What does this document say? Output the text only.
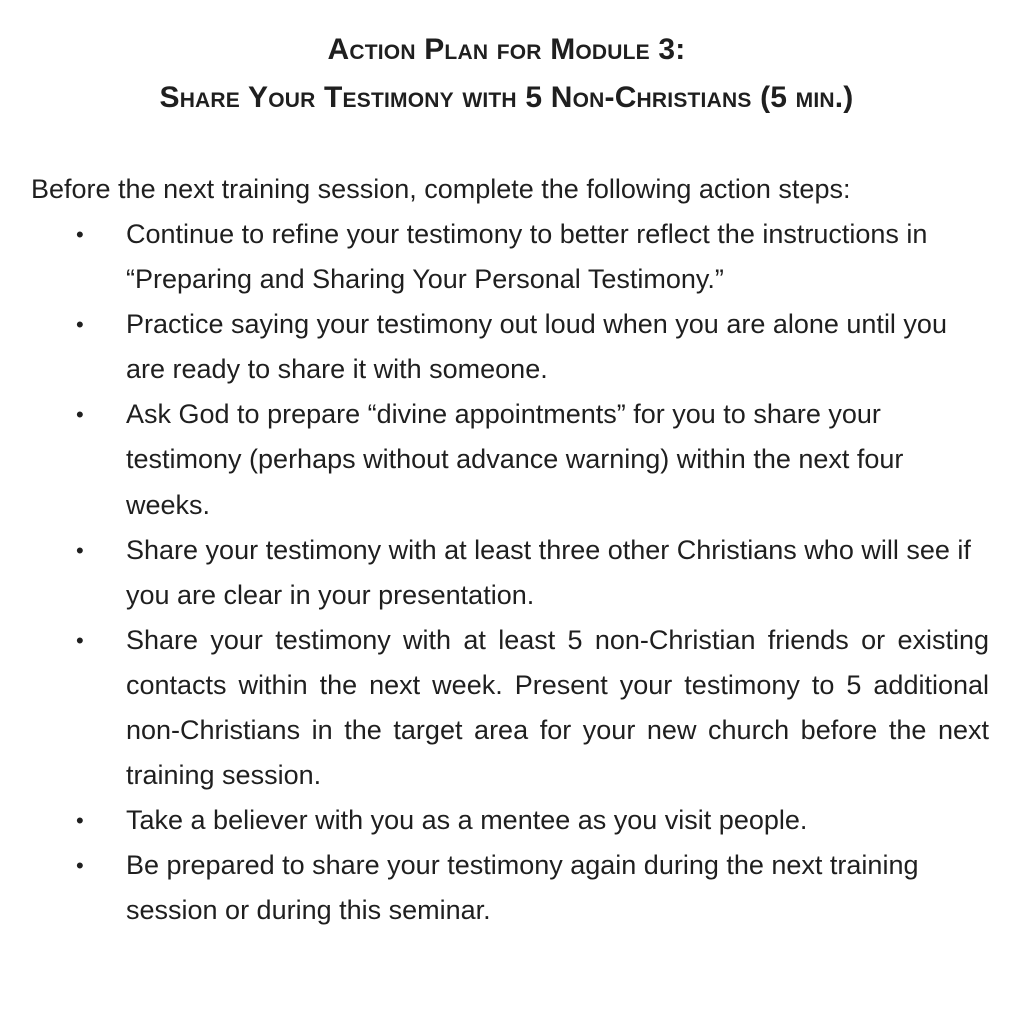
Action Plan for Module 3:
Share Your Testimony with 5 Non-Christians (5 min.)
Before the next training session, complete the following action steps:
• Continue to refine your testimony to better reflect the instructions in “Preparing and Sharing Your Personal Testimony.”
• Practice saying your testimony out loud when you are alone until you are ready to share it with someone.
• Ask God to prepare “divine appointments” for you to share your testimony (perhaps without advance warning) within the next four weeks.
• Share your testimony with at least three other Christians who will see if you are clear in your presentation.
• Share your testimony with at least 5 non-Christian friends or existing contacts within the next week. Present your testimony to 5 additional non-Christians in the target area for your new church before the next training session.
• Take a believer with you as a mentee as you visit people.
• Be prepared to share your testimony again during the next training session or during this seminar.
